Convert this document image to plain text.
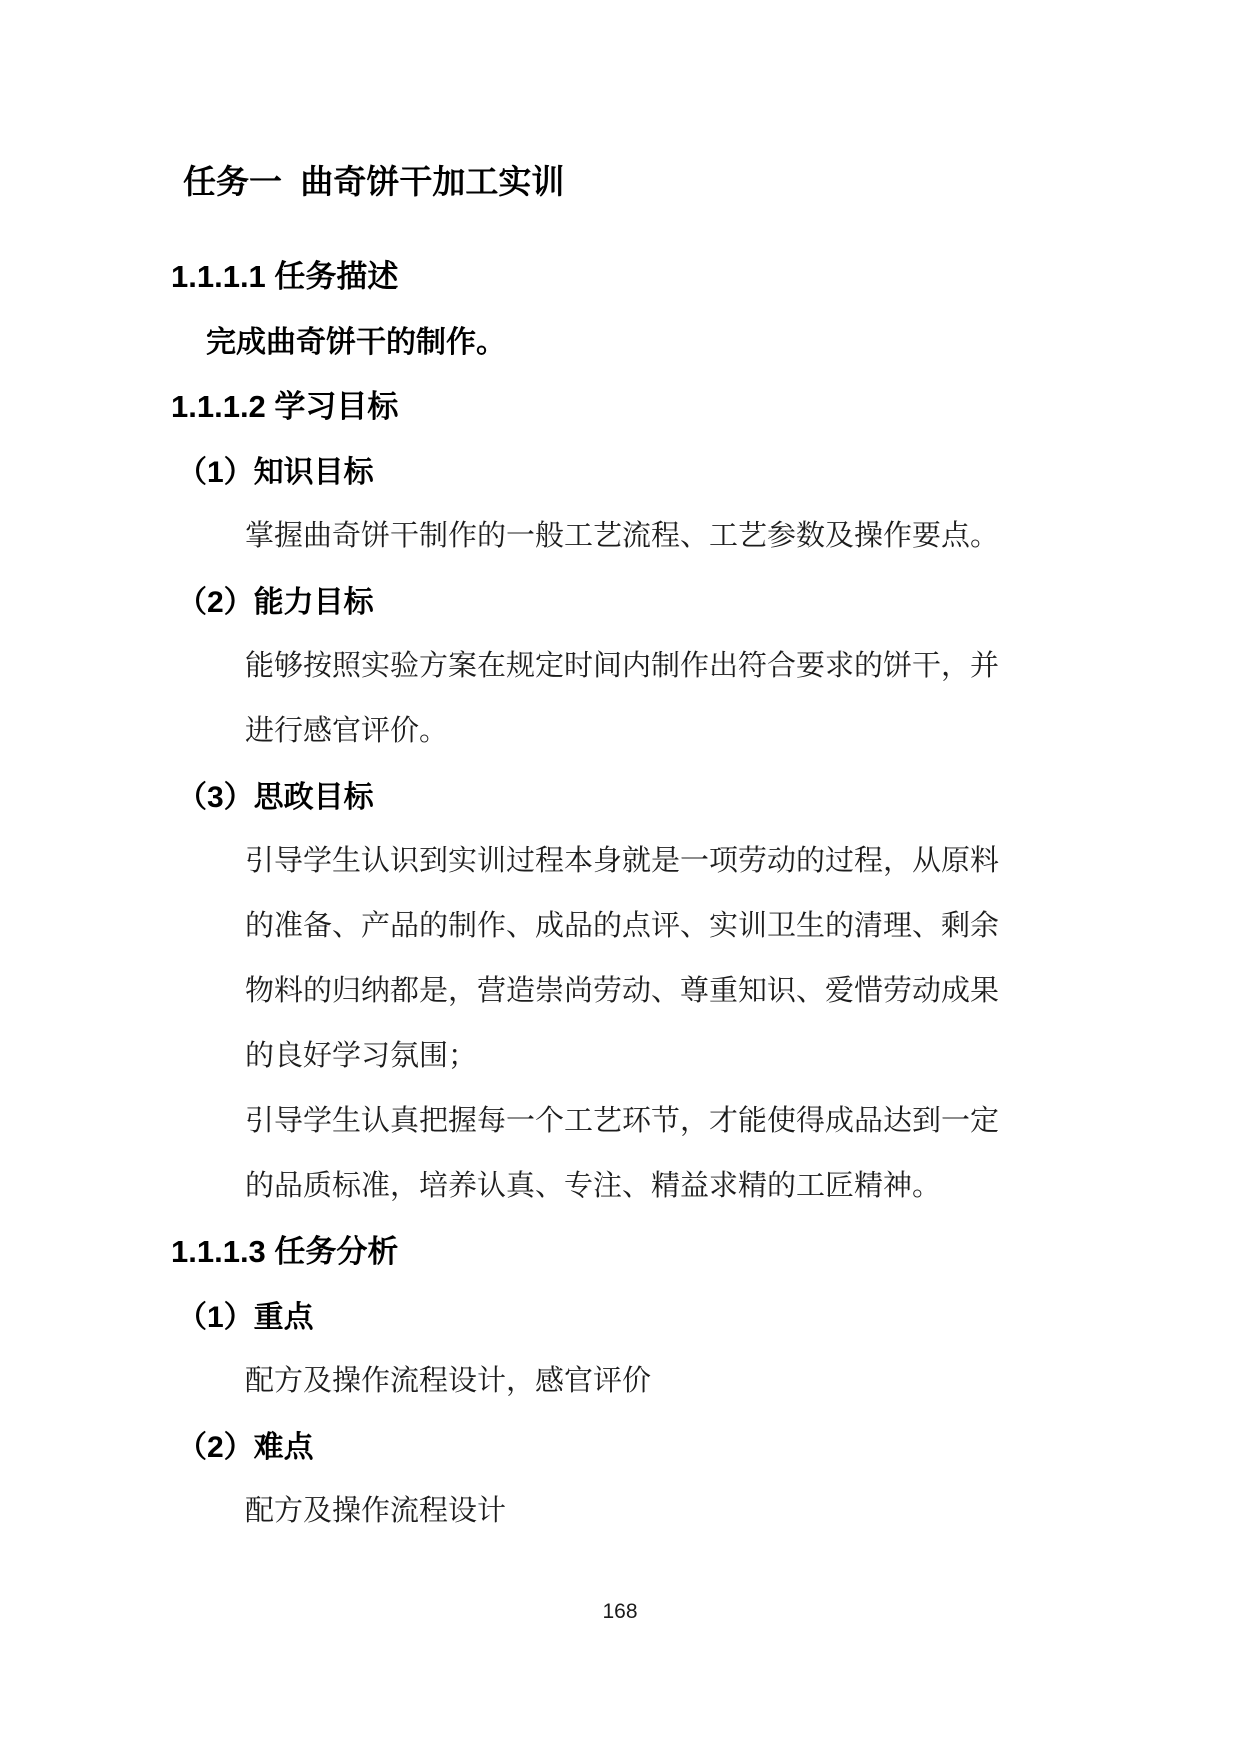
任务一  曲奇饼干加工实训
1.1.1.1 任务描述
完成曲奇饼干的制作。
1.1.1.2 学习目标
（1）知识目标
掌握曲奇饼干制作的一般工艺流程、工艺参数及操作要点。
（2）能力目标
能够按照实验方案在规定时间内制作出符合要求的饼干，并
进行感官评价。
（3）思政目标
引导学生认识到实训过程本身就是一项劳动的过程，从原料
的准备、产品的制作、成品的点评、实训卫生的清理、剩余
物料的归纳都是，营造崇尚劳动、尊重知识、爱惜劳动成果
的良好学习氛围；
引导学生认真把握每一个工艺环节，才能使得成品达到一定
的品质标准，培养认真、专注、精益求精的工匠精神。
1.1.1.3 任务分析
（1）重点
配方及操作流程设计，感官评价
（2）难点
配方及操作流程设计
168
